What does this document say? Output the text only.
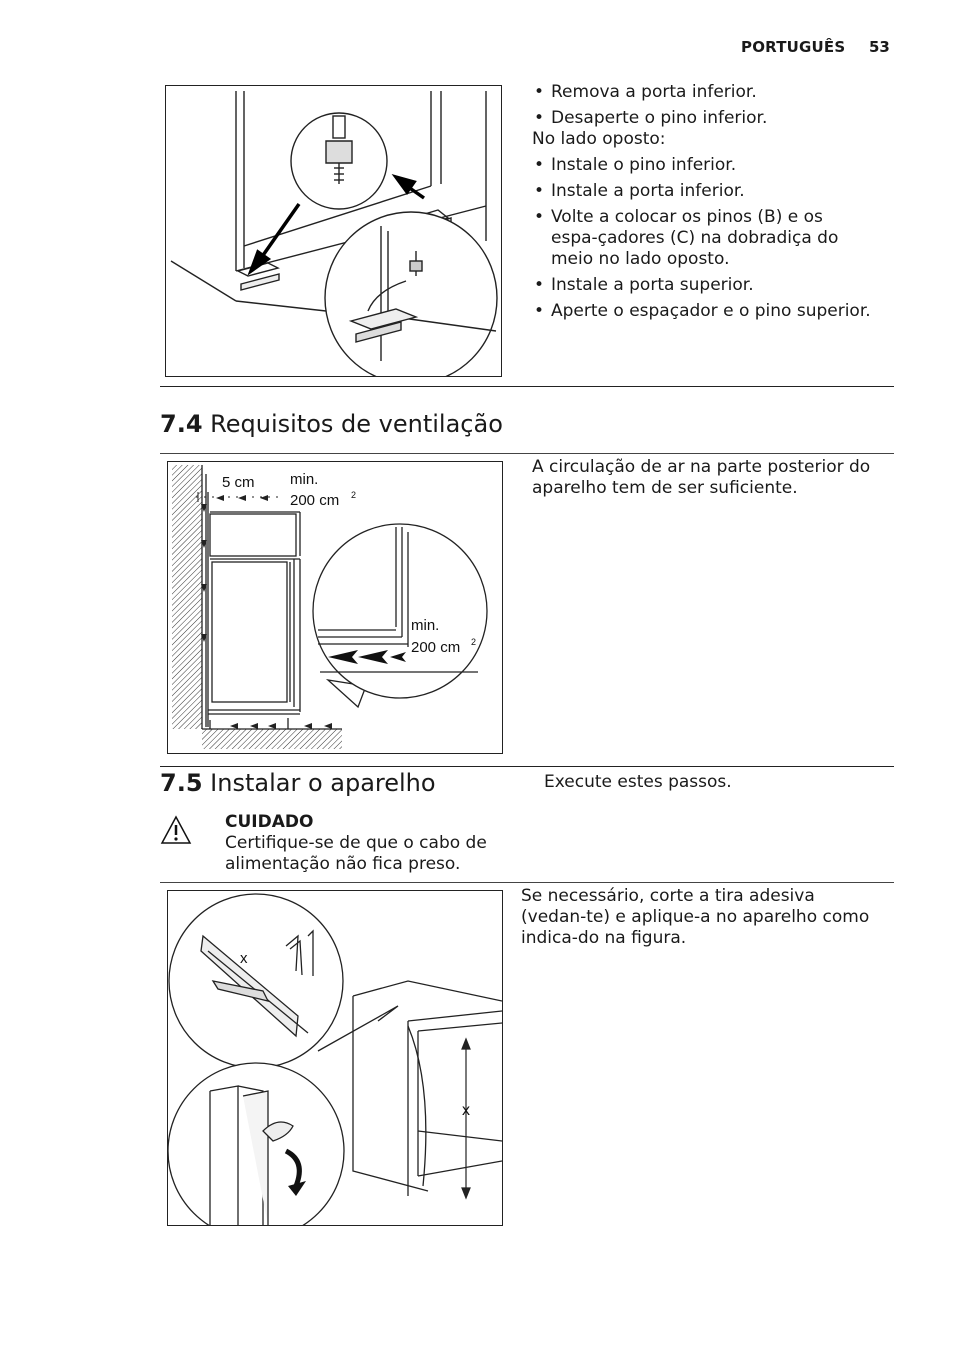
PORTUGUÊS 53
• Remova a porta inferior.
• Desaperte o pino inferior.
No lado oposto:
• Instale o pino inferior.
• Instale a porta inferior.
• Volte a colocar os pinos (B) e os espa-çadores (C) na dobradiça do meio no lado oposto.
• Instale a porta superior.
• Aperte o espaçador e o pino superior.
7.4 Requisitos de ventilação
5 cm min.
200 cm 2
min.
200 cm 2
A circulação de ar na parte posterior do aparelho tem de ser suficiente.
7.5 Instalar o aparelho	Execute estes passos.
CUIDADO
Certifique-se de que o cabo de alimentação não fica preso.
x
x
Se necessário, corte a tira adesiva (vedan-te) e aplique-a no aparelho como indica-do na figura.
